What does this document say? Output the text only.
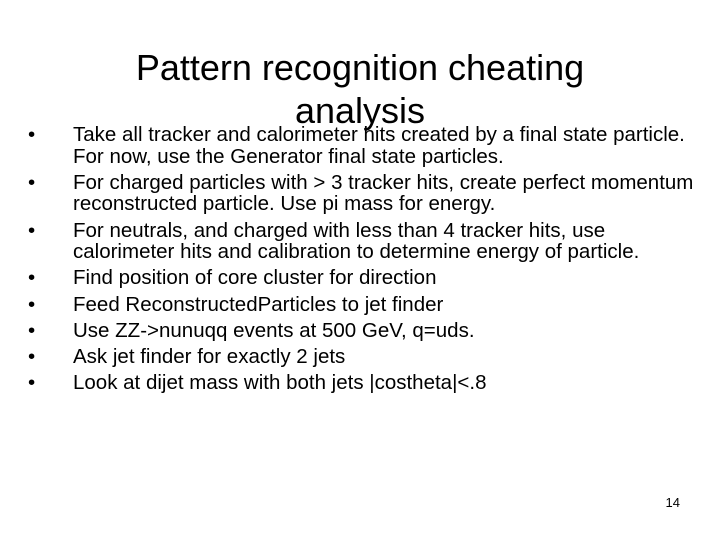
Pattern recognition cheating
analysis
•	Take all tracker and calorimeter hits created by a final state particle. For now, use the Generator final state particles.
•	For charged particles with > 3 tracker hits, create perfect momentum reconstructed particle. Use pi mass for energy.
•	For neutrals, and charged with less than 4 tracker hits, use calorimeter hits and calibration to determine energy of particle.
•	Find position of core cluster for direction
•	Feed ReconstructedParticles to jet finder
•	Use ZZ->nunuqq events at 500 GeV, q=uds.
•	Ask jet finder for exactly 2 jets
•	Look at dijet mass with both jets |costheta|<.8
14
